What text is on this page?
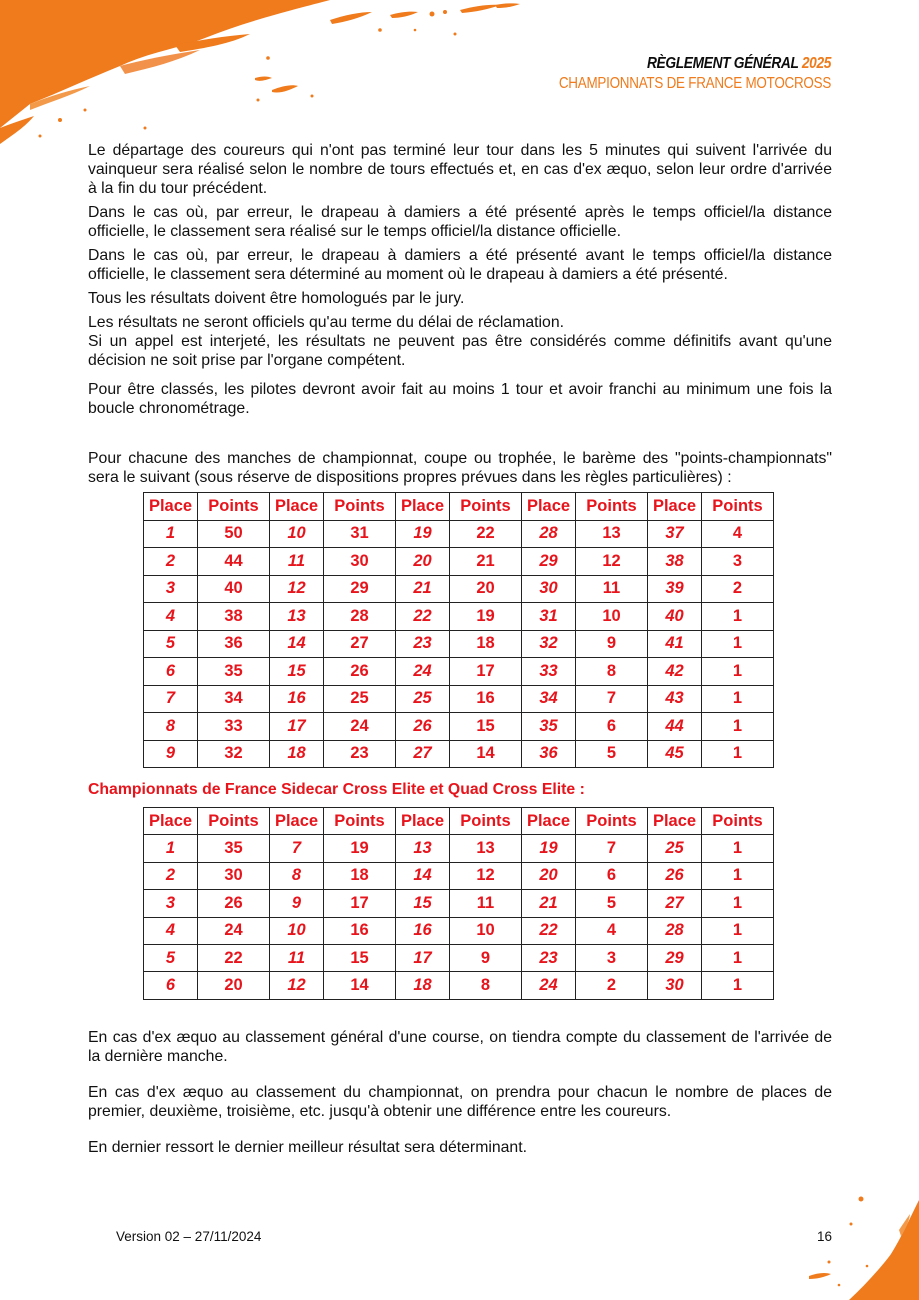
RÈGLEMENT GÉNÉRAL 2025
CHAMPIONNATS DE FRANCE MOTOCROSS

Le départage des coureurs qui n'ont pas terminé leur tour dans les 5 minutes qui suivent l'arrivée du vainqueur sera réalisé selon le nombre de tours effectués et, en cas d'ex æquo, selon leur ordre d'arrivée à la fin du tour précédent.

Dans le cas où, par erreur, le drapeau à damiers a été présenté après le temps officiel/la distance officielle, le classement sera réalisé sur le temps officiel/la distance officielle.

Dans le cas où, par erreur, le drapeau à damiers a été présenté avant le temps officiel/la distance officielle, le classement sera déterminé au moment où le drapeau à damiers a été présenté.

Tous les résultats doivent être homologués par le jury.

Les résultats ne seront officiels qu'au terme du délai de réclamation.

Si un appel est interjeté, les résultats ne peuvent pas être considérés comme définitifs avant qu'une décision ne soit prise par l'organe compétent.

Pour être classés, les pilotes devront avoir fait au moins 1 tour et avoir franchi au minimum une fois la boucle chronométrage.

Pour chacune des manches de championnat, coupe ou trophée, le barème des "points-championnats" sera le suivant (sous réserve de dispositions propres prévues dans les règles particulières) :

Place	Points	Place	Points	Place	Points	Place	Points	Place	Points
1	50	10	31	19	22	28	13	37	4
2	44	11	30	20	21	29	12	38	3
3	40	12	29	21	20	30	11	39	2
4	38	13	28	22	19	31	10	40	1
5	36	14	27	23	18	32	9	41	1
6	35	15	26	24	17	33	8	42	1
7	34	16	25	25	16	34	7	43	1
8	33	17	24	26	15	35	6	44	1
9	32	18	23	27	14	36	5	45	1

Championnats de France Sidecar Cross Elite et Quad Cross Elite :

Place	Points	Place	Points	Place	Points	Place	Points	Place	Points
1	35	7	19	13	13	19	7	25	1
2	30	8	18	14	12	20	6	26	1
3	26	9	17	15	11	21	5	27	1
4	24	10	16	16	10	22	4	28	1
5	22	11	15	17	9	23	3	29	1
6	20	12	14	18	8	24	2	30	1

En cas d'ex æquo au classement général d'une course, on tiendra compte du classement de l'arrivée de la dernière manche.

En cas d'ex æquo au classement du championnat, on prendra pour chacun le nombre de places de premier, deuxième, troisième, etc. jusqu'à obtenir une différence entre les coureurs.

En dernier ressort le dernier meilleur résultat sera déterminant.

Version 02 – 27/11/2024	16
